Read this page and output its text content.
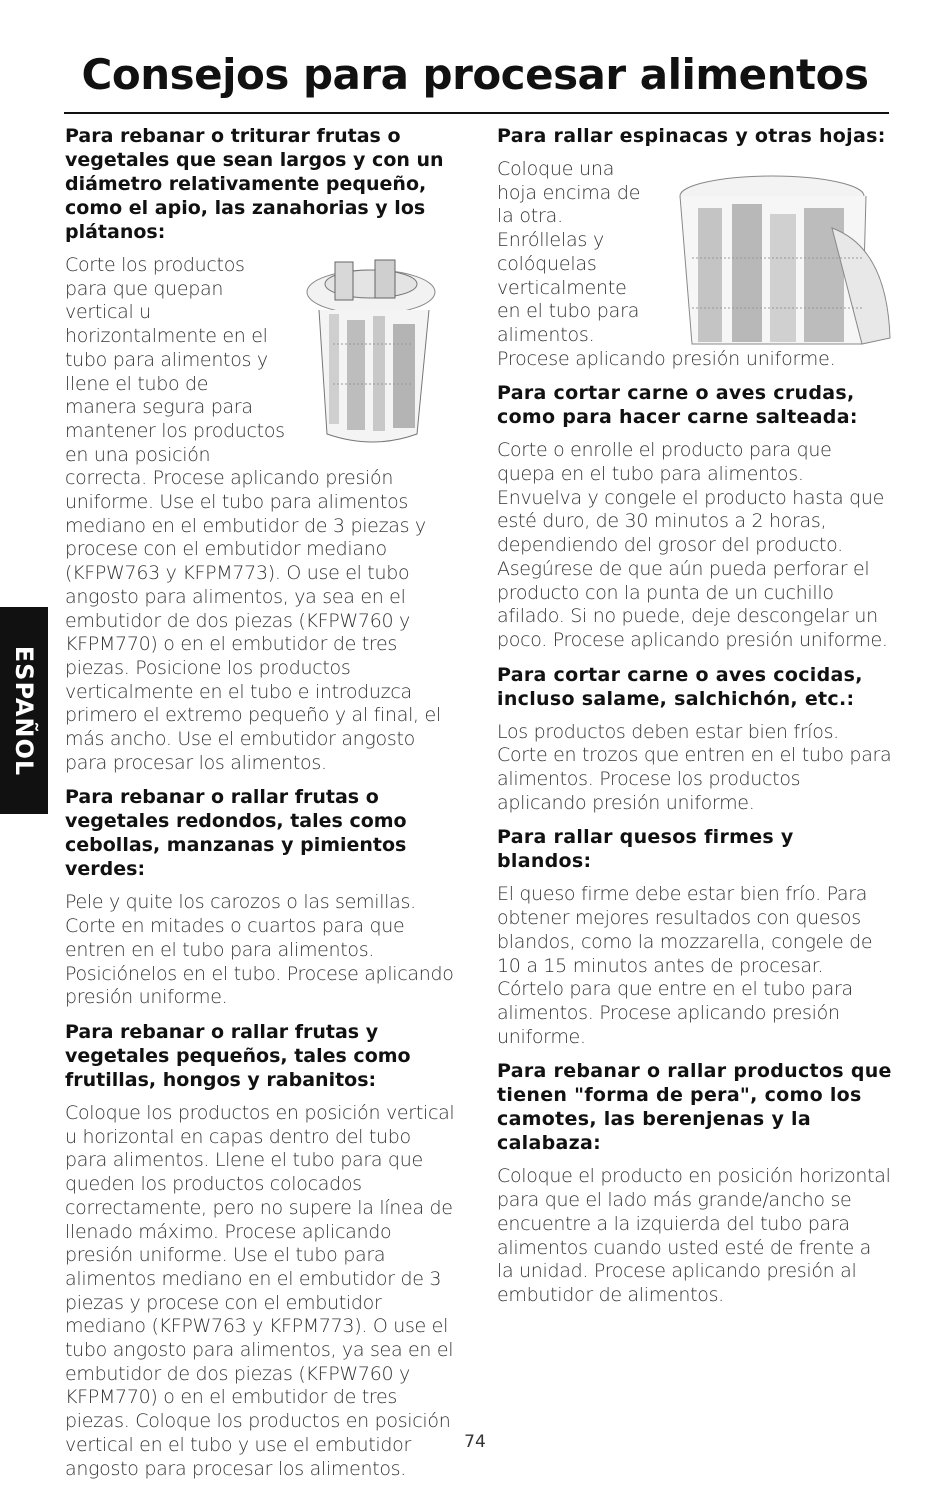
Consejos para procesar alimentos
ESPAÑOL
Para rebanar o triturar frutas o vegetales que sean largos y con un diámetro relativamente pequeño, como el apio, las zanahorias y los plátanos:

Corte los productos para que quepan vertical u horizontalmente en el tubo para alimentos y llene el tubo de manera segura para mantener los productos en una posición correcta. Procese aplicando presión uniforme. Use el tubo para alimentos mediano en el embutidor de 3 piezas y procese con el embutidor mediano (KFPW763 y KFPM773). O use el tubo angosto para alimentos, ya sea en el embutidor de dos piezas (KFPW760 y KFPM770) o en el embutidor de tres piezas. Posicione los productos verticalmente en el tubo e introduzca primero el extremo pequeño y al final, el más ancho. Use el embutidor angosto para procesar los alimentos.

Para rebanar o rallar frutas o vegetales redondos, tales como cebollas, manzanas y pimientos verdes:

Pele y quite los carozos o las semillas. Corte en mitades o cuartos para que entren en el tubo para alimentos. Posiciónelos en el tubo. Procese aplicando presión uniforme.

Para rebanar o rallar frutas y vegetales pequeños, tales como frutillas, hongos y rabanitos:

Coloque los productos en posición vertical u horizontal en capas dentro del tubo para alimentos. Llene el tubo para que queden los productos colocados correctamente, pero no supere la línea de llenado máximo. Procese aplicando presión uniforme. Use el tubo para alimentos mediano en el embutidor de 3 piezas y procese con el embutidor mediano (KFPW763 y KFPM773). O use el tubo angosto para alimentos, ya sea en el embutidor de dos piezas (KFPW760 y KFPM770) o en el embutidor de tres piezas. Coloque los productos en posición vertical en el tubo y use el embutidor angosto para procesar los alimentos.

Para rallar espinacas y otras hojas:

Coloque una hoja encima de la otra. Enróllelas y colóquelas verticalmente en el tubo para alimentos. Procese aplicando presión uniforme.

Para cortar carne o aves crudas, como para hacer carne salteada:

Corte o enrolle el producto para que quepa en el tubo para alimentos. Envuelva y congele el producto hasta que esté duro, de 30 minutos a 2 horas, dependiendo del grosor del producto. Asegúrese de que aún pueda perforar el producto con la punta de un cuchillo afilado. Si no puede, deje descongelar un poco. Procese aplicando presión uniforme.

Para cortar carne o aves cocidas, incluso salame, salchichón, etc.:

Los productos deben estar bien fríos. Corte en trozos que entren en el tubo para alimentos. Procese los productos aplicando presión uniforme.

Para rallar quesos firmes y blandos:

El queso firme debe estar bien frío. Para obtener mejores resultados con quesos blandos, como la mozzarella, congele de 10 a 15 minutos antes de procesar. Córtelo para que entre en el tubo para alimentos. Procese aplicando presión uniforme.

Para rebanar o rallar productos que tienen "forma de pera", como los camotes, las berenjenas y la calabaza:

Coloque el producto en posición horizontal para que el lado más grande/ancho se encuentre a la izquierda del tubo para alimentos cuando usted esté de frente a la unidad. Procese aplicando presión al embutidor de alimentos.

74
